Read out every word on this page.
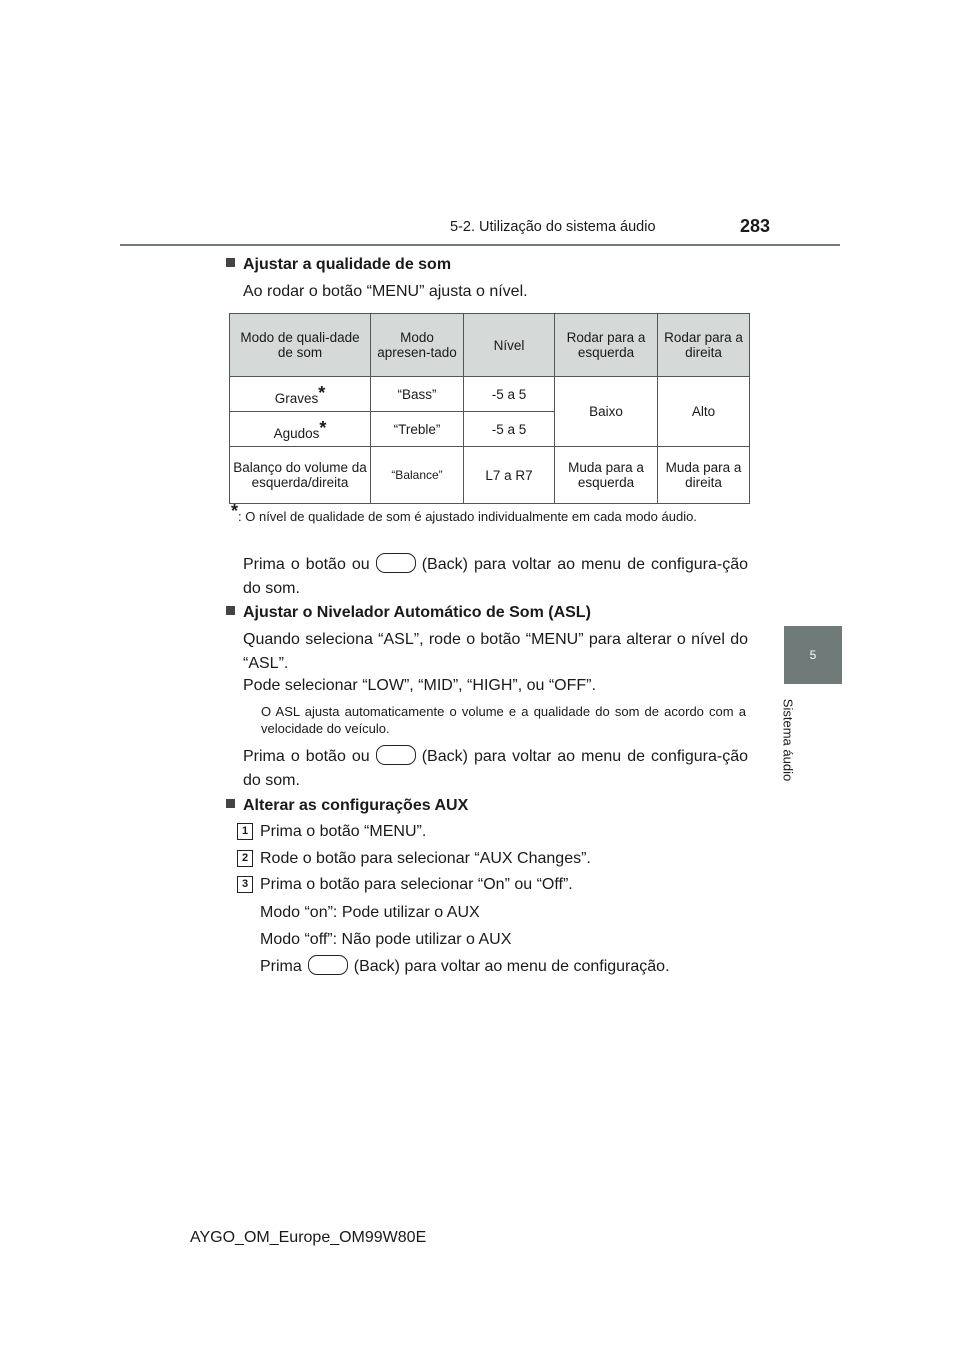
5-2. Utilização do sistema áudio	283
5
Sistema áudio
Ajustar a qualidade de som
Ao rodar o botão “MENU” ajusta o nível.
Modo de quali-dade de som	Modo apresen-tado	Nível	Rodar para a esquerda	Rodar para a direita
Graves*	“Bass”	-5 a 5	Baixo	Alto
Agudos*	“Treble”	-5 a 5		
Balanço do volume da esquerda/direita	“Balance”	L7 a R7	Muda para a esquerda	Muda para a direita
*: O nível de qualidade de som é ajustado individualmente em cada modo áudio.
Prima o botão ou	(Back) para voltar ao menu de configura-ção do som.
Ajustar o Nivelador Automático de Som (ASL)
Quando seleciona “ASL”, rode o botão “MENU” para alterar o nível do “ASL”.
Pode selecionar “LOW”, “MID”, “HIGH”, ou “OFF”.
O ASL ajusta automaticamente o volume e a qualidade do som de acordo com a velocidade do veículo.
Prima o botão ou	(Back) para voltar ao menu de configura-ção do som.
Alterar as configurações AUX
1 Prima o botão “MENU”.
2 Rode o botão para selecionar “AUX Changes”.
3 Prima o botão para selecionar “On” ou “Off”.
Modo “on”: Pode utilizar o AUX
Modo “off”: Não pode utilizar o AUX
Prima	(Back) para voltar ao menu de configuração.
AYGO_OM_Europe_OM99W80E
